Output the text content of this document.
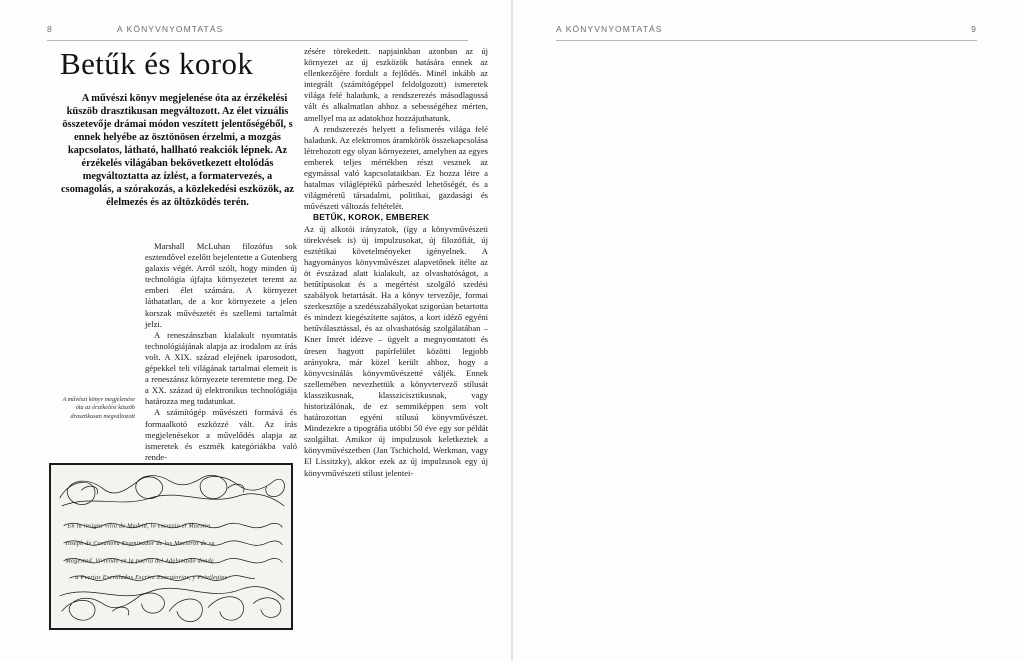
8	A KÖNYVNYOMTATÁS
Betűk és korok
A művészi könyv megjelenése óta az érzékelési küszöb drasztikusan megváltozott. Az élet vizuális összetevője drámai módon veszített jelentőségéből, s ennek helyébe az ösztönösen érzelmi, a mozgás kapcsolatos, látható, hallható reakciók lépnek. Az érzékelés világában bekövetkezett eltolódás megváltoztatta az ízlést, a formatervezés, a csomagolás, a szórakozás, a közlekedési eszközök, az élelmezés és az öltözködés terén.

Marshall McLuhan filozófus sok esztendővel ezelőtt bejelentette a Gutenberg galaxis végét. Arról szólt, hogy minden új technológia újfajta környezetet teremt az emberi élet számára. A környezet láthatatlan, de a kor környezete a jelen korszak művészetét és szellemi tartalmát jelzi.

A reneszánszban kialakult nyomtatás technológiájának alapja az irodalom az írás volt. A XIX. század elejének iparosodott, gépekkel teli világának tartalmai elemeit is a reneszánsz környezete teremtette meg. De a XX. század új elektronikus technológiája határozza meg tudatunkat.

A számítógép művészeti formává és formaalkotó eszközzé vált. Az írás megjelenésekor a művelődés alapja az ismeretek és eszmék kategóriákba való rende-

A művészi könyv megjelenése óta az érzékelési küszöb drasztikusan megváltozott

zésére törekedett. napjainkban azonban az új környezet az új eszközök hatására ennek az ellenkezőjére fordult a fejlődés. Minél inkább az integrált (számítógéppel feldolgozott) ismeretek világa felé haladunk, a rendszerezés másodlagossá vált és alkalmatlan ahhoz a sebességéhez mérten, amellyel ma az adatokhoz hozzájuthatunk.

A rendszerezés helyett a felismerés világa felé haladunk. Az elektromos áramkörök összekapcsolása létrehozott egy olyan környezetet, amelyben az egyes emberek teljes mértékben részt vesznek az egymással való kapcsolataikban. Ez hozza létre a hatalmas világléptékű párbeszéd lehetőségét, és a világméretű társadalmi, politikai, gazdasági és művészeti változás feltételét.

BETŰK, KOROK, EMBEREK

Az új alkotói irányzatok, (így a könyvművészeti törekvések is) új impulzusokat, új filozófiát, új esztétikai követelményeket igényelnek. A hagyományos könyvművészet alapvetőnek ítélte az öt évszázad alatt kialakult, az olvashatóságot, a betűtípusokat és a megértést szolgáló szedési szabályok betartását. Ha a könyv tervezője, formai szerkesztője a szedésszabályokat szigorúan betartotta és mindezt kiegészítette sajátos, a kort idéző egyéni betűválasztással, és az olvashatóság szolgálatában – Kner Imrét idézve – ügyelt a megnyomtatott és üresen hagyott papírfelület közötti legjobb arányokra, már közel került ahhoz, hogy a könyvcsinálás könyvművészetté váljék. Ennek szellemében nevezhettük a könyvtervező stílusát klasszikusnak, klasszicisztikusnak, vagy historizálónak, de ez semmiképpen sem volt határozottan egyéni stílusú könyvművészet. Mindezekre a tipográfia utóbbi 50 éve egy sor példát szolgáltat. Amikor új impulzusok keletkeztek a könyvművészetben (Jan Tschichold, Werkman, vagy El Lissitzky), akkor ezek az új impulzusok egy új könyvművészeti stílust jelentei-

En la insigne villa de Madrid, lo escrevia el Maestro
Ioseph de Casanova Examinador de los Maestros de su
Magestad. Viviendo en la puerta del Adelantado donde
a Pvertas Escvaladas Escrive Executorias, y Privilegios
A KÖNYVNYOMTATÁS	9
